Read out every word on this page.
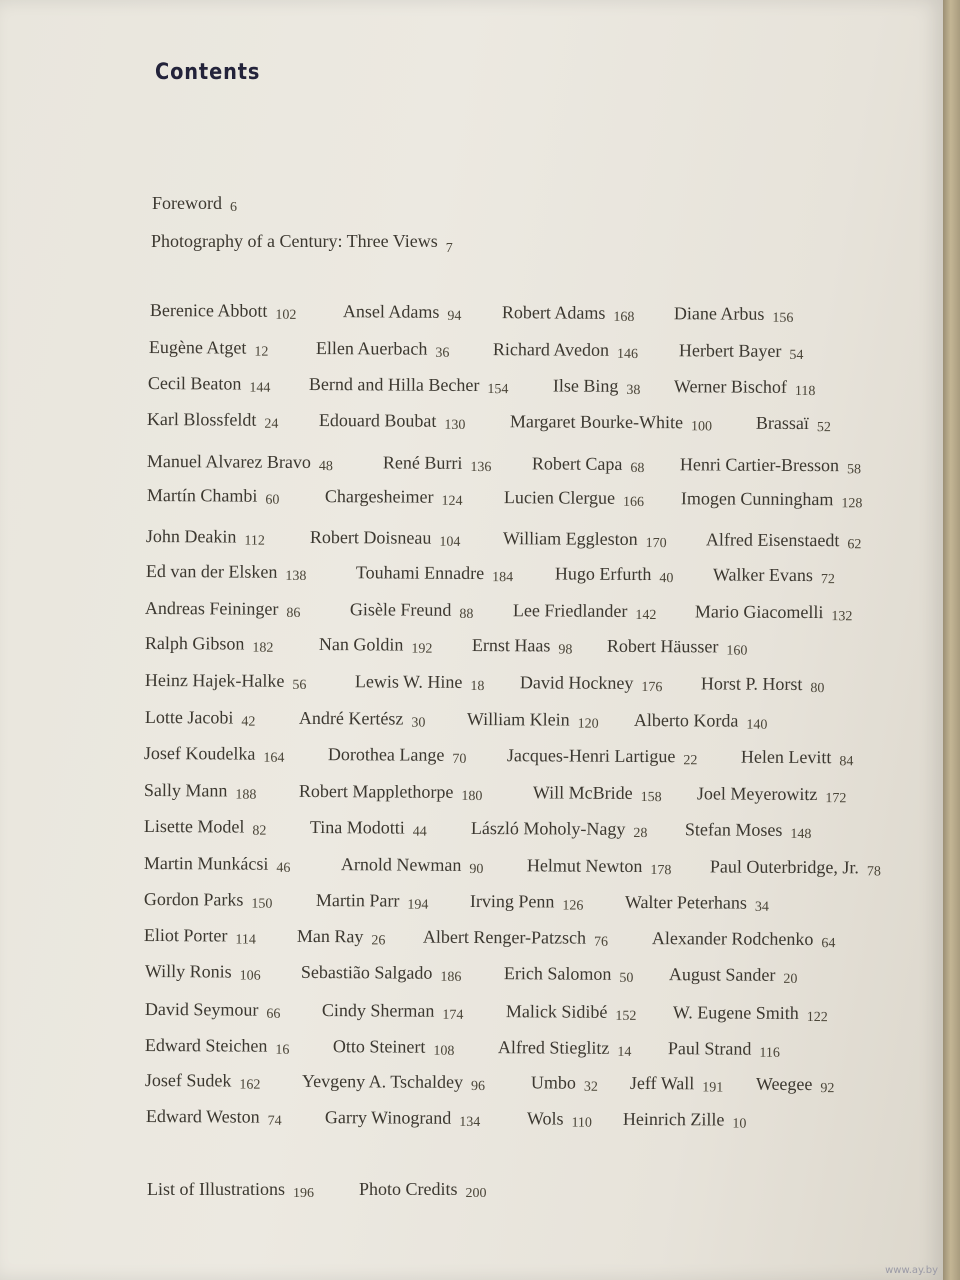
Contents
Foreword 6
Photography of a Century: Three Views $_7$
Berenice Abbott 102	Ansel Adams 94 Robert Adams 168 Diane Arbus 156
Eugène Atget 12	Ellen Auerbach 36 Richard Avedon 146 Herbert Bayer 54
Cecil Beaton 144 Bernd and Hilla Becher 154 Ilse Bing 38 Werner Bischof 118
Karl Blossfeldt 24 Edouard Boubat 130 Margaret Bourke-White 100 Brassaï 52
Manuel Alvarez Bravo 48	René Burri 136 Robert Capa 68 Henri Cartier-Bresson 58
Martín Chambi 60	Chargesheimer 124 Lucien Clergue 166 Imogen Cunningham 128
John Deakin 112 Robert Doisneau 104 William Eggleston 170 Alfred Eisenstaedt 62
Ed van der Elsken 138	Touhami Ennadre 184 Hugo Erfurth 40 Walker Evans 72
Andreas Feininger 86	Gisèle Freund 88 Lee Friedlander 142 Mario Giacomelli 132
Ralph Gibson 182	Nan Goldin 192 Ernst Haas 98 Robert Häusser 160
Heinz Hajek-Halke 56	Lewis W. Hine 18 David Hockney 176 Horst P. Horst 80
Lotte Jacobi 42 André Kertész 30 William Klein 120 Alberto Korda 140
Josef Koudelka 164 Dorothea Lange 70 Jacques-Henri Lartigue 22 Helen Levitt 84
Sally Mann 188 Robert Mapplethorpe 180	Will McBride 158 Joel Meyerowitz 172
Lisette Model 82 Tina Modotti 44 László Moholy-Nagy 28 Stefan Moses 148
Martin Munkácsi 46	Arnold Newman 90 Helmut Newton 178 Paul Outerbridge, Jr. 78
Gordon Parks 150 Martin Parr 194 Irving Penn 126 Walter Peterhans 34
Eliot Porter 114 Man Ray 26 Albert Renger-Patzsch 76 Alexander Rodchenko 64
Willy Ronis 106 Sebastião Salgado 186 Erich Salomon 50 August Sander 20
David Seymour 66 Cindy Sherman 174 Malick Sidibé 152 W. Eugene Smith 122
Edward Steichen 16 Otto Steinert 108 Alfred Stieglitz 14 Paul Strand 116
Josef Sudek 162 Yevgeny A. Tschaldey 96	Umbo 32 Jeff Wall 191 Weegee 92
Edward Weston 74 Garry Winogrand 134	Wols 110 Heinrich Zille 10
List of Illustrations 196	Photo Credits 200
www.ay.by
